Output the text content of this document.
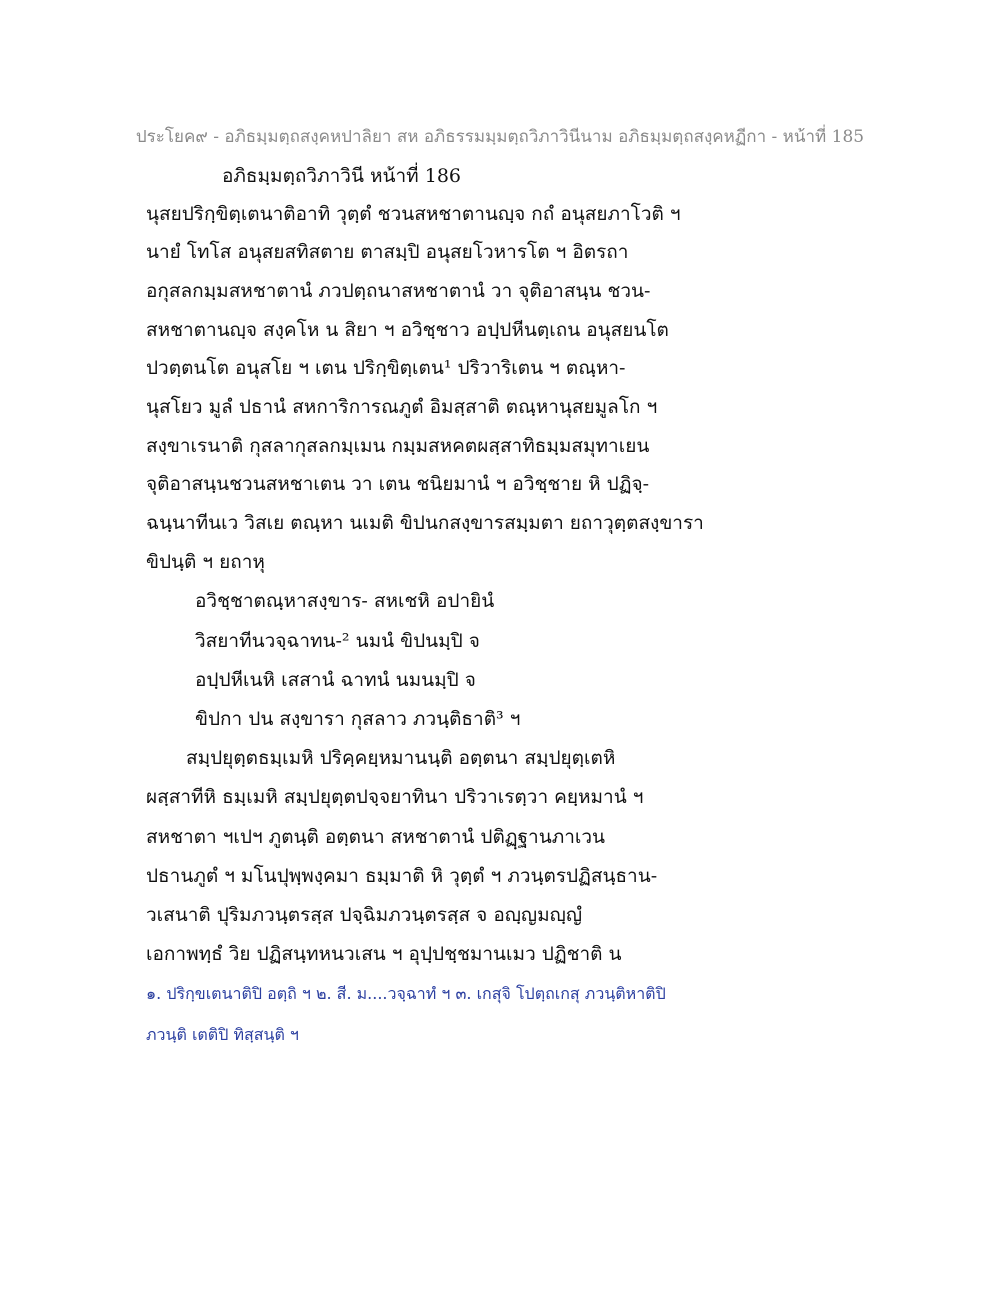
ประโยค๙ - อภิธมฺมตฺถสงฺคหปาลิยา สห อภิธรรมมฺมตฺถวิภาวินีนาม อภิธมฺมตฺถสงฺคหฏีกา - หน้าที่ 185
อภิธมฺมตฺถวิภาวินี หน้าที่ 186
นุสยปริกฺขิตฺเตนาติอาทิ วุตฺตํ ชวนสหชาตานญฺจ กถํ อนุสยภาโวติ ฯ
นายํ โทโส อนุสยสทิสตาย ตาสมฺปิ อนุสยโวหารโต ฯ อิตรถา
อกุสลกมฺมสหชาตานํ ภวปตฺถนาสหชาตานํ วา จุติอาสนฺน ชวน-
สหชาตานญฺจ สงฺคโห น สิยา ฯ อวิชฺชาว อปฺปหีนตฺเถน อนุสยนโต
ปวตฺตนโต อนุสโย ฯ เตน ปริกฺขิตฺเตน¹ ปริวาริเตน ฯ ตณฺหา-
นุสโยว มูลํ ปธานํ สหการิการณภูตํ อิมสฺสาติ ตณฺหานุสยมูลโก ฯ
สงฺขาเรนาติ กุสลากุสลกมฺเมน กมฺมสหคตผสฺสาทิธมฺมสมุทาเยน
จุติอาสนฺนชวนสหชาเตน วา เตน ชนิยมานํ ฯ อวิชฺชาย หิ ปฏิจฺ-
ฉนฺนาทีนเว วิสเย ตณฺหา นเมติ ขิปนกสงฺขารสมฺมตา ยถาวุตฺตสงฺขารา
ขิปนฺติ ฯ ยถาหุ
อวิชฺชาตณฺหาสงฺขาร- สหเชหิ อปายินํ
วิสยาทีนวจฺฉาทน-² นมนํ ขิปนมฺปิ จ
อปฺปหีเนหิ เสสานํ ฉาทนํ นมนมฺปิ จ
ขิปกา ปน สงฺขารา กุสลาว ภวนฺติธาติ³ ฯ
สมฺปยุตฺตธมฺเมหิ ปริคฺคยฺหมานนฺติ อตฺตนา สมฺปยุตฺเตหิ
ผสฺสาทีหิ ธมฺเมหิ สมฺปยุตฺตปจฺจยาทินา ปริวาเรตฺวา คยฺหมานํ ฯ
สหชาตา ฯเปฯ ภูตนฺติ อตฺตนา สหชาตานํ ปติฏฺฐานภาเวน
ปธานภูตํ ฯ มโนปุพฺพงฺคมา ธมฺมาติ หิ วุตฺตํ ฯ ภวนฺตรปฏิสนฺธาน-
วเสนาติ ปุริมภวนฺตรสฺส ปจฺฉิมภวนฺตรสฺส จ อญฺญมญฺญํ
เอกาพทฺธํ วิย ปฏิสนฺทหนวเสน ฯ อุปฺปชฺชมานเมว ปฏิชาติ น
๑. ปริกฺขเตนาติปิ อตฺถิ ฯ ๒. สี. ม....วจฺฉาทํ ฯ ๓. เกสุจิ โปตฺถเกสุ ภวนฺติหาติปิ
ภวนฺติ เตติปิ ทิสฺสนฺติ ฯ
